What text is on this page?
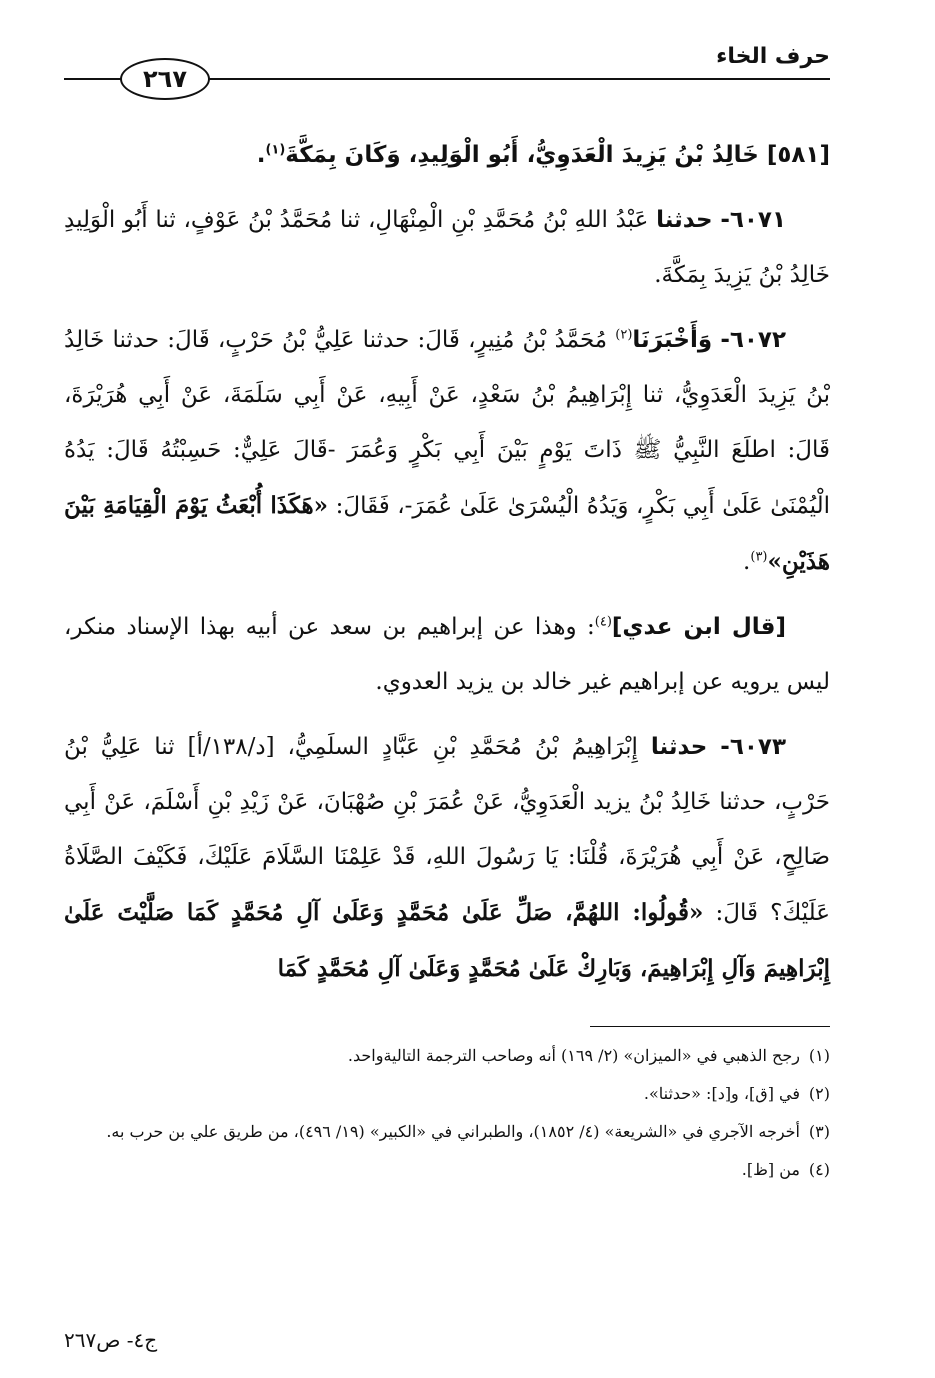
حرف الخاء
٢٦٧

[٥٨١] خَالِدُ بْنُ يَزِيدَ الْعَدَوِيُّ، أَبُو الْوَلِيدِ، وَكَانَ بِمَكَّةَ$^{(١)}$.

٦٠٧١- حدثنا عَبْدُ اللهِ بْنُ مُحَمَّدِ بْنِ الْمِنْهَالِ، ثنا مُحَمَّدُ بْنُ عَوْفٍ، ثنا أَبُو الْوَلِيدِ خَالِدُ بْنُ يَزِيدَ بِمَكَّةَ.

٦٠٧٢- وَأَخْبَرَنَا$^{(٢)}$ مُحَمَّدُ بْنُ مُنِيرٍ، قَالَ: حدثنا عَلِيُّ بْنُ حَرْبٍ، قَالَ: حدثنا خَالِدُ بْنُ يَزِيدَ الْعَدَوِيُّ، ثنا إِبْرَاهِيمُ بْنُ سَعْدٍ، عَنْ أَبِيهِ، عَنْ أَبِي سَلَمَةَ، عَنْ أَبِي هُرَيْرَةَ، قَالَ: اطلَعَ النَّبِيُّ ﷺ ذَاتَ يَوْمٍ بَيْنَ أَبِي بَكْرٍ وَعُمَرَ -قَالَ عَلِيٌّ: حَسِبْتُهُ قَالَ: يَدُهُ الْيُمْنَىٰ عَلَىٰ أَبِي بَكْرٍ، وَيَدُهُ الْيُسْرَىٰ عَلَىٰ عُمَرَ-، فَقَالَ: «هَكَذَا أُبْعَثُ يَوْمَ الْقِيَامَةِ بَيْنَ هَذَيْنِ»$^{(٣)}$.

[قال ابن عدي]$^{(٤)}$: وهذا عن إبراهيم بن سعد عن أبيه بهذا الإسناد منكر، ليس يرويه عن إبراهيم غير خالد بن يزيد العدوي.

٦٠٧٣- حدثنا إِبْرَاهِيمُ بْنُ مُحَمَّدِ بْنِ عَبَّادٍ السلَمِيُّ، [د/١٣٨/أ] ثنا عَلِيُّ بْنُ حَرْبٍ، حدثنا خَالِدُ بْنُ يزيد الْعَدَوِيُّ، عَنْ عُمَرَ بْنِ صُهْبَانَ، عَنْ زَيْدِ بْنِ أَسْلَمَ، عَنْ أَبِي صَالِحٍ، عَنْ أَبِي هُرَيْرَةَ، قُلْنَا: يَا رَسُولَ اللهِ، قَدْ عَلِمْنَا السَّلَامَ عَلَيْكَ، فَكَيْفَ الصَّلَاةُ عَلَيْكَ؟ قَالَ: «قُولُوا: اللهُمَّ، صَلِّ عَلَىٰ مُحَمَّدٍ وَعَلَىٰ آلِ مُحَمَّدٍ كَمَا صَلَّيْتَ عَلَىٰ إِبْرَاهِيمَ وَآلِ إِبْرَاهِيمَ، وَبَارِكْ عَلَىٰ مُحَمَّدٍ وَعَلَىٰ آلِ مُحَمَّدٍ كَمَا

(١)رجح الذهبي في «الميزان» (٢/ ١٦٩) أنه وصاحب الترجمة التاليةواحد.

(٢)في [ق]، و[د]: «حدثنا».

(٣)أخرجه الآجري في «الشريعة» (٤/ ١٨٥٢)، والطبراني في «الكبير» (١٩/ ٤٩٦)، من طريق علي بن حرب به.

(٤)من [ظ].

ج٤- ص٢٦٧
